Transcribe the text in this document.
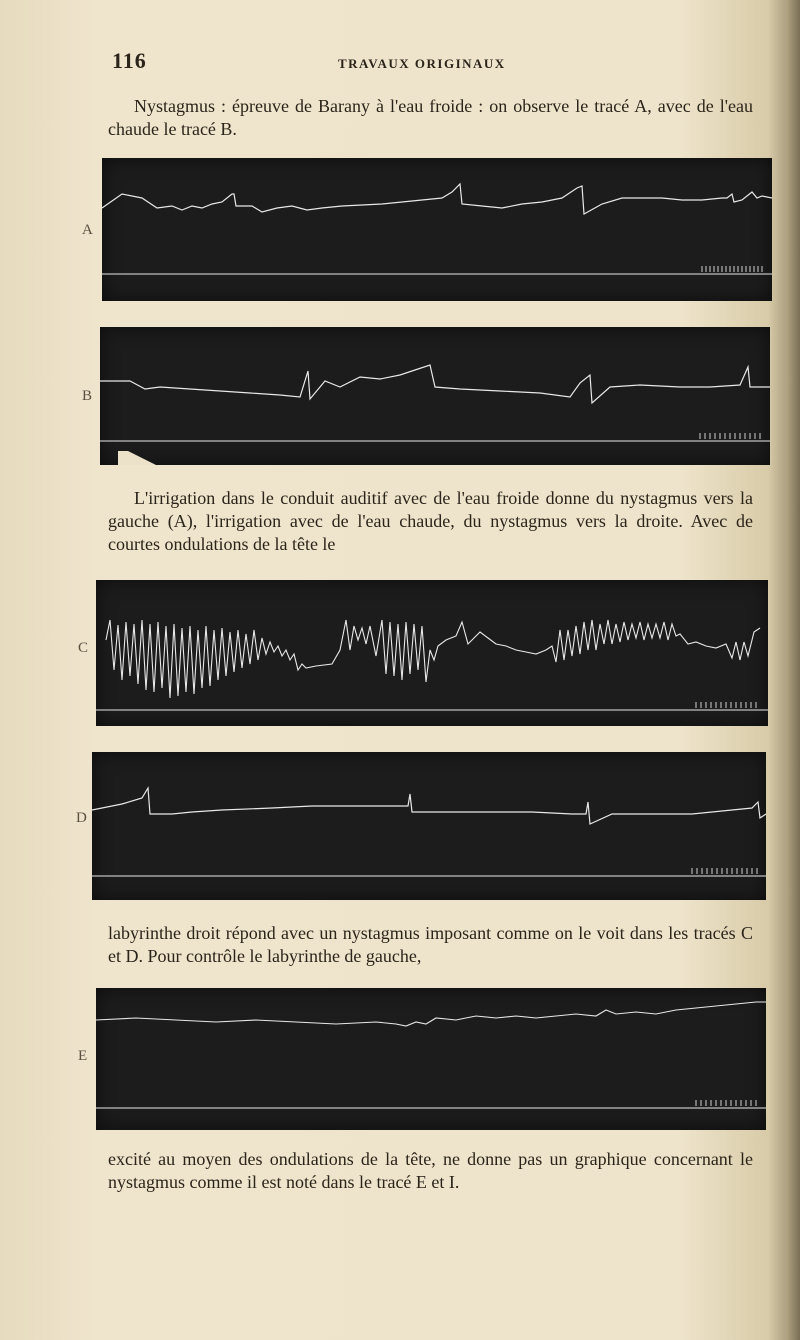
116	TRAVAUX ORIGINAUX

Nystagmus : épreuve de Barany à l'eau froide : on observe le tracé A, avec de l'eau chaude le tracé B.

A
B

L'irrigation dans le conduit auditif avec de l'eau froide donne du nystagmus vers la gauche (A), l'irrigation avec de l'eau chaude, du nystagmus vers la droite. Avec de courtes ondulations de la tête le

C
D

labyrinthe droit répond avec un nystagmus imposant comme on le voit dans les tracés C et D. Pour contrôle le labyrinthe de gauche,

E

excité au moyen des ondulations de la tête, ne donne pas un graphique concernant le nystagmus comme il est noté dans le tracé E et I.
